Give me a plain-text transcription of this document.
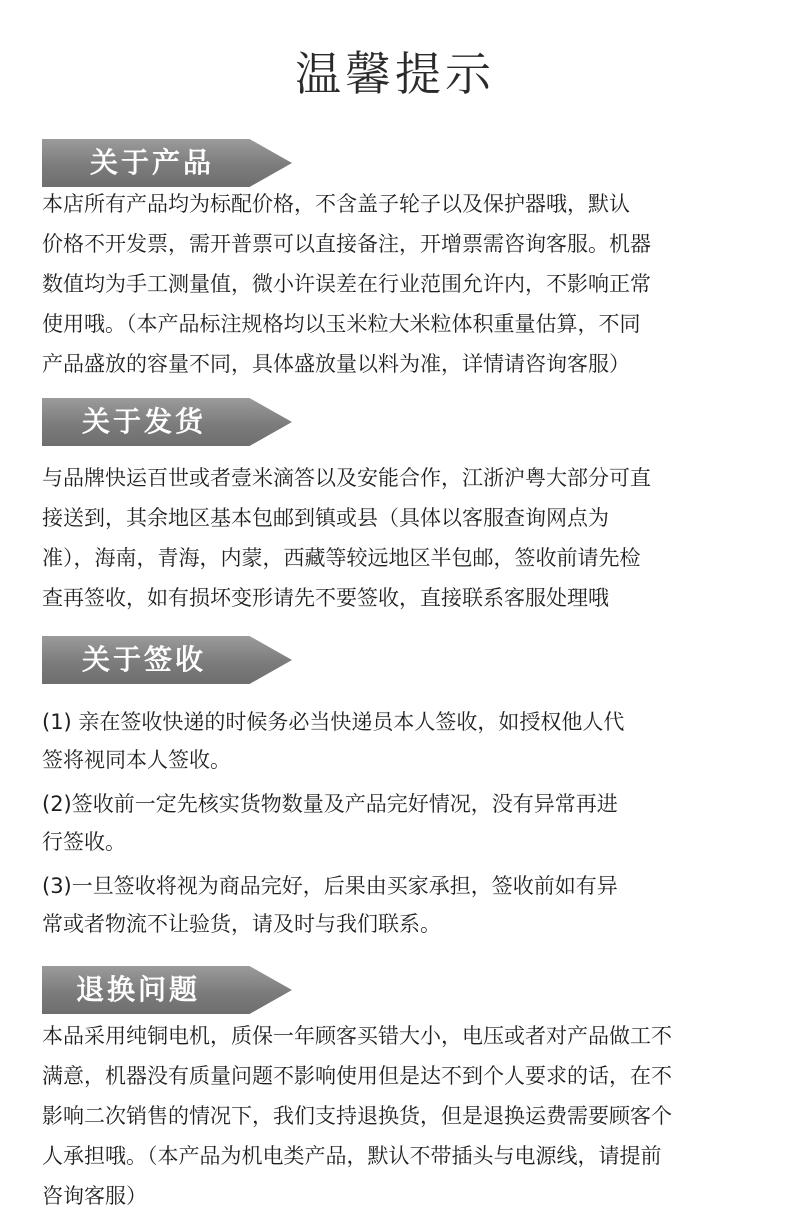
温馨提示
关于产品
本店所有产品均为标配价格，不含盖子轮子以及保护器哦，默认
价格不开发票，需开普票可以直接备注，开增票需咨询客服。机器
数值均为手工测量值，微小许误差在行业范围允许内，不影响正常
使用哦。（本产品标注规格均以玉米粒大米粒体积重量估算，不同
产品盛放的容量不同，具体盛放量以料为准，详情请咨询客服）
关于发货
与品牌快运百世或者壹米滴答以及安能合作，江浙沪粤大部分可直
接送到，其余地区基本包邮到镇或县（具体以客服查询网点为
准），海南，青海，内蒙，西藏等较远地区半包邮，签收前请先检
查再签收，如有损坏变形请先不要签收，直接联系客服处理哦
关于签收
(1) 亲在签收快递的时候务必当快递员本人签收，如授权他人代
签将视同本人签收。
(2)签收前一定先核实货物数量及产品完好情况，没有异常再进
行签收。
(3)一旦签收将视为商品完好，后果由买家承担，签收前如有异
常或者物流不让验货，请及时与我们联系。
退换问题
本品采用纯铜电机，质保一年顾客买错大小，电压或者对产品做工不
满意，机器没有质量问题不影响使用但是达不到个人要求的话，在不
影响二次销售的情况下，我们支持退换货，但是退换运费需要顾客个
人承担哦。（本产品为机电类产品，默认不带插头与电源线，请提前
咨询客服）
